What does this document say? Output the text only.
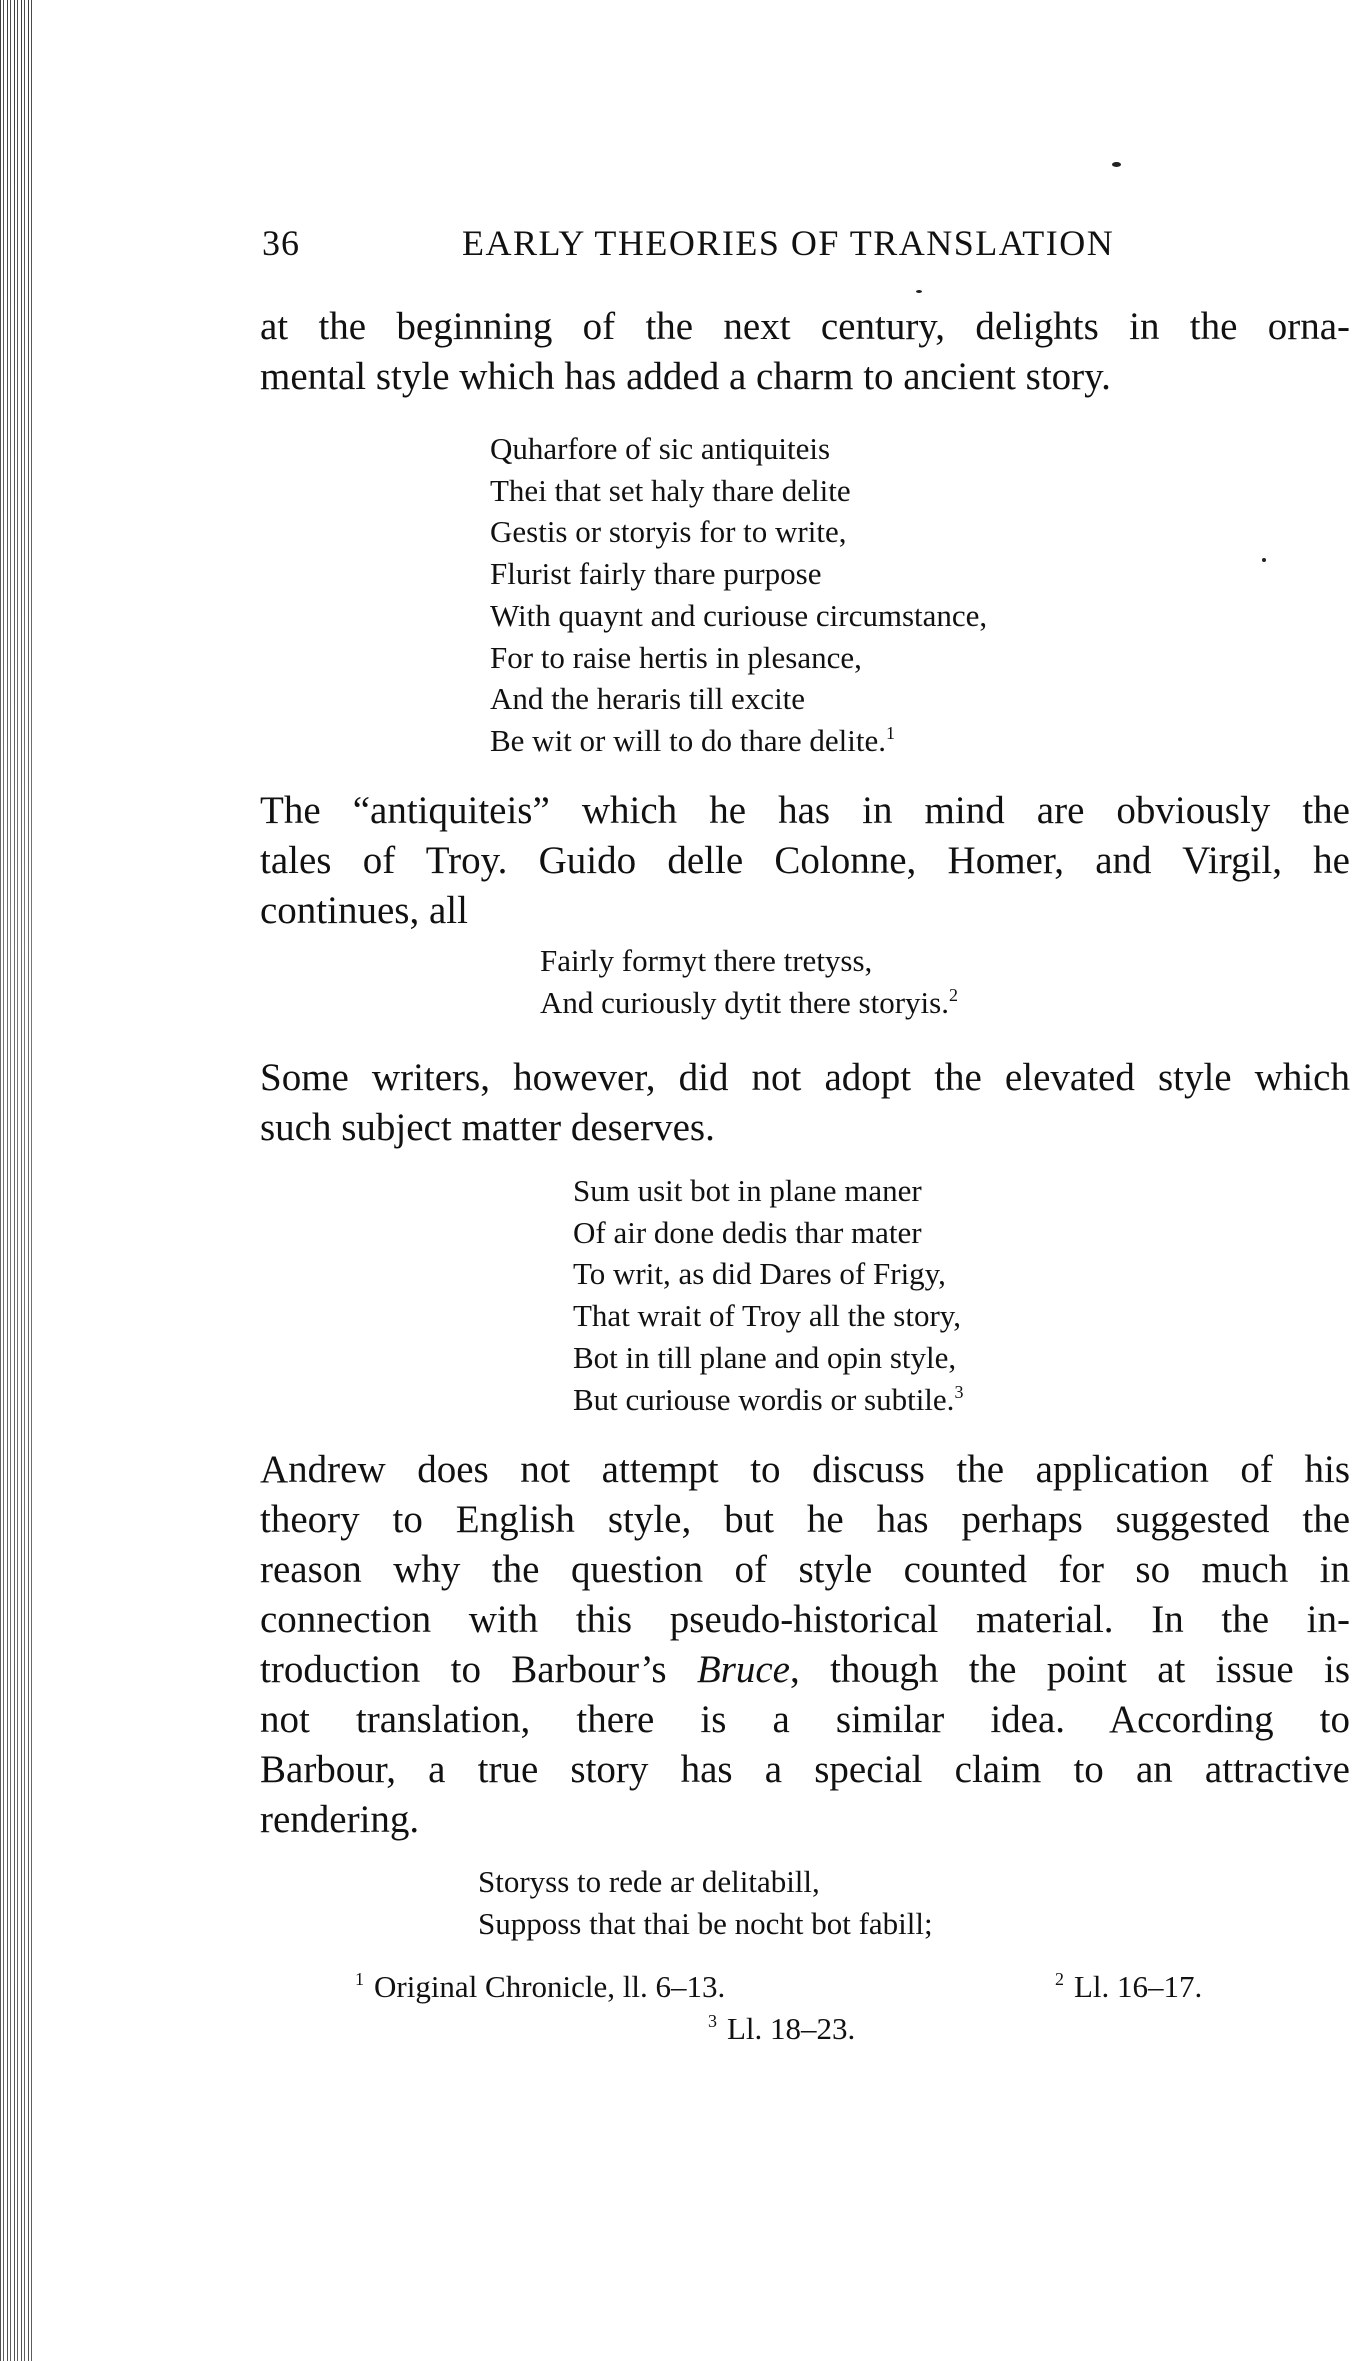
36	EARLY THEORIES OF TRANSLATION
at the beginning of the next century, delights in the orna-
mental style which has added a charm to ancient story.
Quharfore of sic antiquiteis
Thei that set haly thare delite
Gestis or storyis for to write,
Flurist fairly thare purpose
With quaynt and curiouse circumstance,
For to raise hertis in plesance,
And the heraris till excite
Be wit or will to do thare delite.$^1$
The “antiquiteis” which he has in mind are obviously the
tales of Troy. Guido delle Colonne, Homer, and Virgil, he
continues, all
Fairly formyt there tretyss,
And curiously dytit there storyis.$^2$
Some writers, however, did not adopt the elevated style which
such subject matter deserves.
Sum usit bot in plane maner
Of air done dedis thar mater
To writ, as did Dares of Frigy,
That wrait of Troy all the story,
Bot in till plane and opin style,
But curiouse wordis or subtile.$^3$
Andrew does not attempt to discuss the application of his
theory to English style, but he has perhaps suggested the
reason why the question of style counted for so much in
connection with this pseudo-historical material. In the in-
troduction to Barbour’s Bruce, though the point at issue is
not translation, there is a similar idea. According to
Barbour, a true story has a special claim to an attractive
rendering.
Storyss to rede ar delitabill,
Supposs that thai be nocht bot fabill;
$^1$ Original Chronicle, ll. 6–13.	$^2$ Ll. 16–17.
$^3$ Ll. 18–23.
